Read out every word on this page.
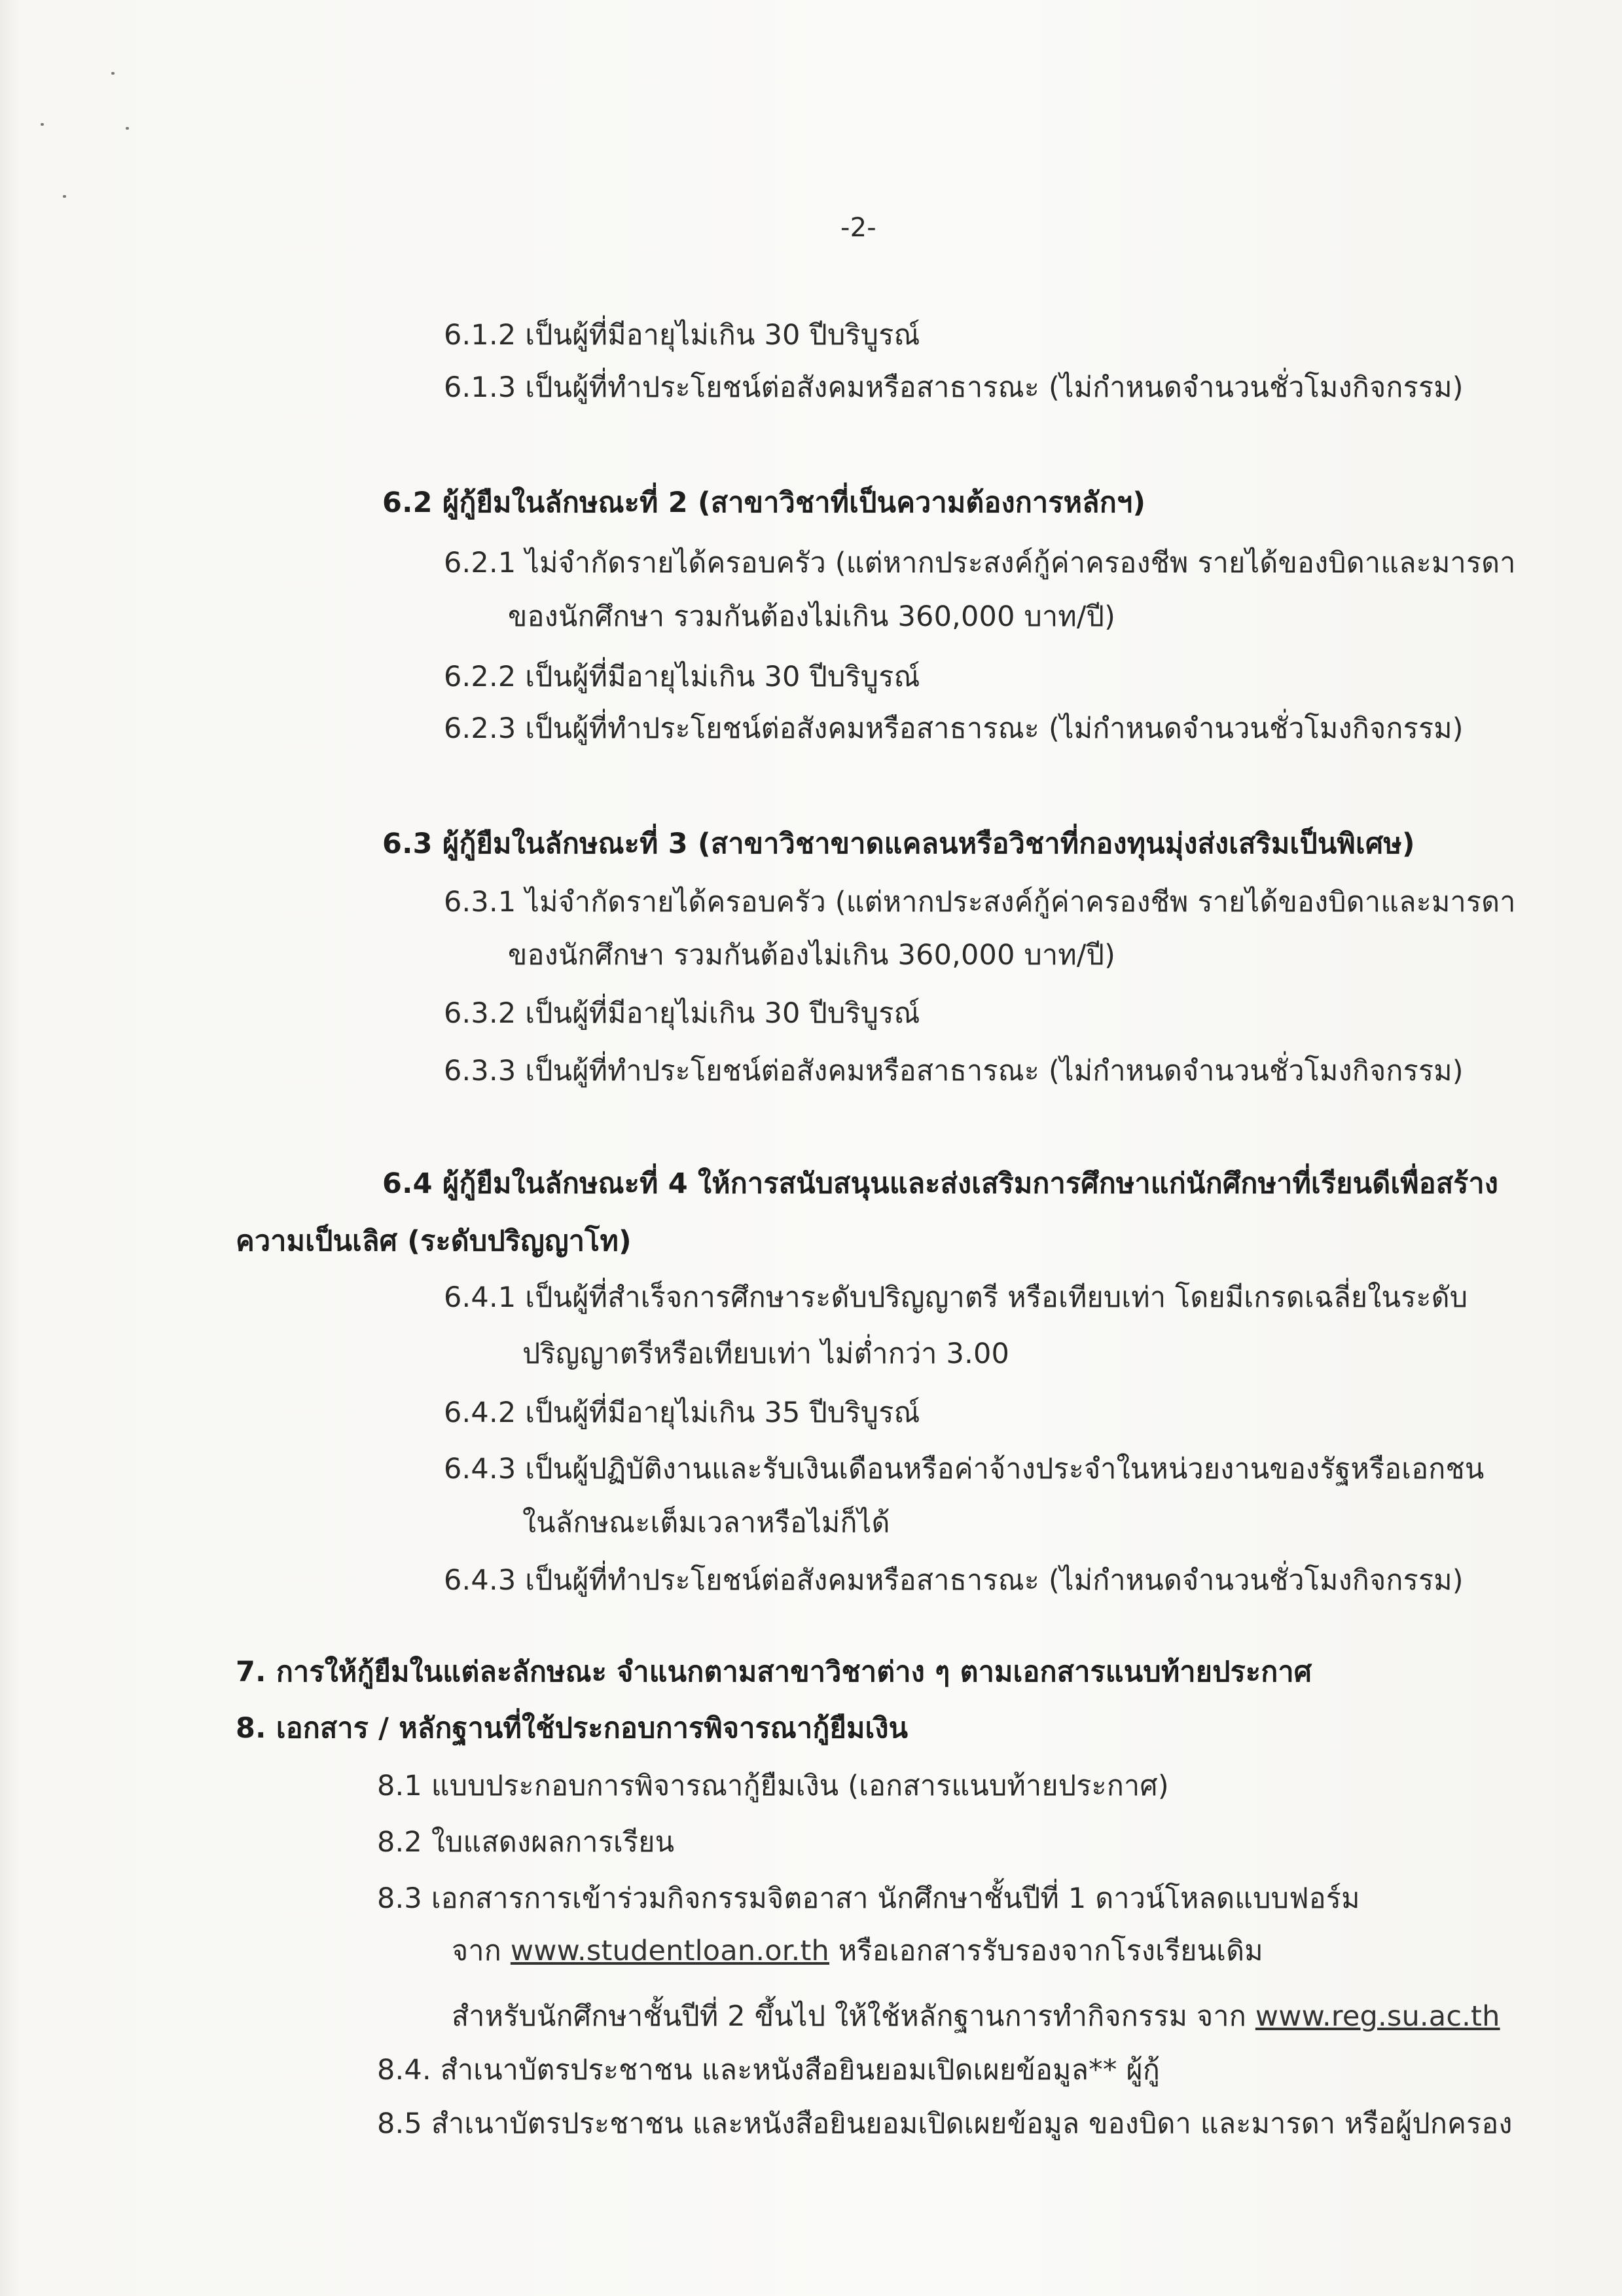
-2-
6.1.2 เป็นผู้ที่มีอายุไม่เกิน 30 ปีบริบูรณ์
6.1.3 เป็นผู้ที่ทำประโยชน์ต่อสังคมหรือสาธารณะ (ไม่กำหนดจำนวนชั่วโมงกิจกรรม)
6.2 ผู้กู้ยืมในลักษณะที่ 2 (สาขาวิชาที่เป็นความต้องการหลักฯ)
6.2.1 ไม่จำกัดรายได้ครอบครัว (แต่หากประสงค์กู้ค่าครองชีพ รายได้ของบิดาและมารดา
ของนักศึกษา รวมกันต้องไม่เกิน 360,000 บาท/ปี)
6.2.2 เป็นผู้ที่มีอายุไม่เกิน 30 ปีบริบูรณ์
6.2.3 เป็นผู้ที่ทำประโยชน์ต่อสังคมหรือสาธารณะ (ไม่กำหนดจำนวนชั่วโมงกิจกรรม)
6.3 ผู้กู้ยืมในลักษณะที่ 3 (สาขาวิชาขาดแคลนหรือวิชาที่กองทุนมุ่งส่งเสริมเป็นพิเศษ)
6.3.1 ไม่จำกัดรายได้ครอบครัว (แต่หากประสงค์กู้ค่าครองชีพ รายได้ของบิดาและมารดา
ของนักศึกษา รวมกันต้องไม่เกิน 360,000 บาท/ปี)
6.3.2 เป็นผู้ที่มีอายุไม่เกิน 30 ปีบริบูรณ์
6.3.3 เป็นผู้ที่ทำประโยชน์ต่อสังคมหรือสาธารณะ (ไม่กำหนดจำนวนชั่วโมงกิจกรรม)
6.4 ผู้กู้ยืมในลักษณะที่ 4 ให้การสนับสนุนและส่งเสริมการศึกษาแก่นักศึกษาที่เรียนดีเพื่อสร้าง
ความเป็นเลิศ (ระดับปริญญาโท)
6.4.1 เป็นผู้ที่สำเร็จการศึกษาระดับปริญญาตรี หรือเทียบเท่า โดยมีเกรดเฉลี่ยในระดับ
ปริญญาตรีหรือเทียบเท่า ไม่ต่ำกว่า 3.00
6.4.2 เป็นผู้ที่มีอายุไม่เกิน 35 ปีบริบูรณ์
6.4.3 เป็นผู้ปฏิบัติงานและรับเงินเดือนหรือค่าจ้างประจำในหน่วยงานของรัฐหรือเอกชน
ในลักษณะเต็มเวลาหรือไม่ก็ได้
6.4.3 เป็นผู้ที่ทำประโยชน์ต่อสังคมหรือสาธารณะ (ไม่กำหนดจำนวนชั่วโมงกิจกรรม)
7. การให้กู้ยืมในแต่ละลักษณะ จำแนกตามสาขาวิชาต่าง ๆ ตามเอกสารแนบท้ายประกาศ
8. เอกสาร / หลักฐานที่ใช้ประกอบการพิจารณากู้ยืมเงิน
8.1 แบบประกอบการพิจารณากู้ยืมเงิน (เอกสารแนบท้ายประกาศ)
8.2 ใบแสดงผลการเรียน
8.3 เอกสารการเข้าร่วมกิจกรรมจิตอาสา นักศึกษาชั้นปีที่ 1 ดาวน์โหลดแบบฟอร์ม
จาก www.studentloan.or.th หรือเอกสารรับรองจากโรงเรียนเดิม
สำหรับนักศึกษาชั้นปีที่ 2 ขึ้นไป ให้ใช้หลักฐานการทำกิจกรรม จาก www.reg.su.ac.th
8.4. สำเนาบัตรประชาชน และหนังสือยินยอมเปิดเผยข้อมูล** ผู้กู้
8.5 สำเนาบัตรประชาชน และหนังสือยินยอมเปิดเผยข้อมูล ของบิดา และมารดา หรือผู้ปกครอง
